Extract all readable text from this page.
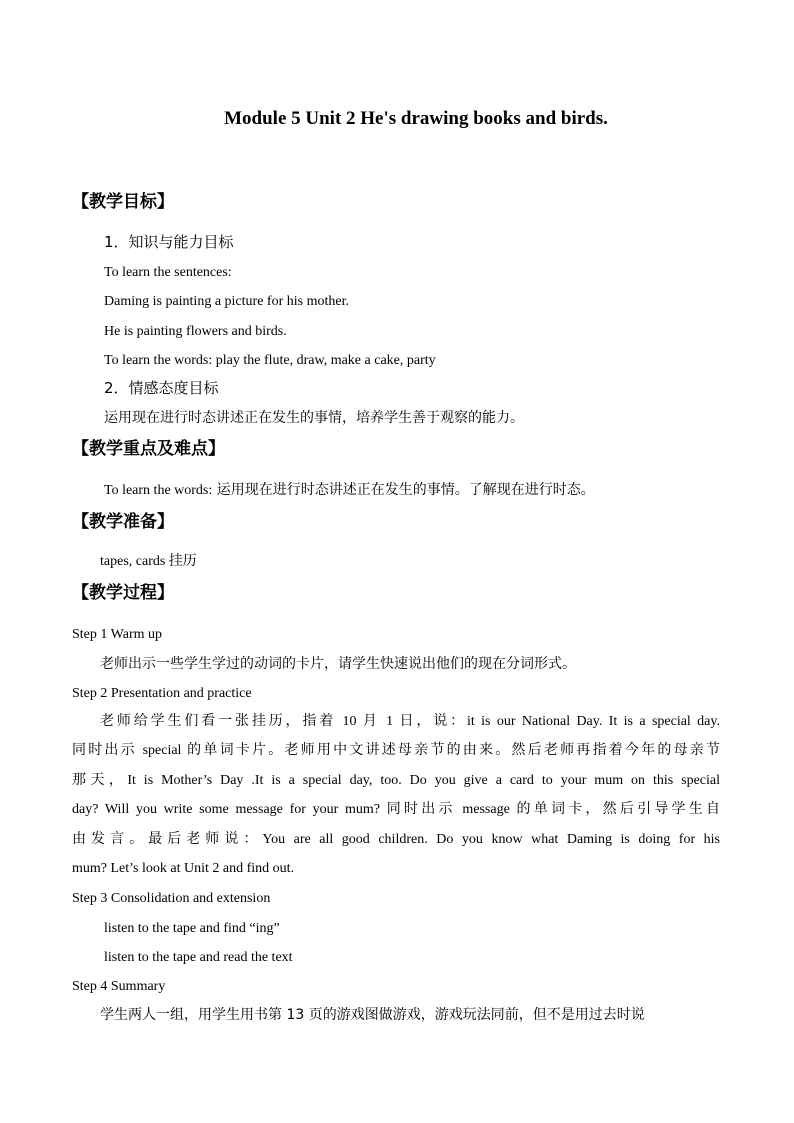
Module 5 Unit 2 He's drawing books and birds.
【教学目标】
1．知识与能力目标
To learn the sentences:
Daming is painting a picture for his mother.
He is painting flowers and birds.
To learn the words: play the flute, draw, make a cake, party
2．情感态度目标
运用现在进行时态讲述正在发生的事情，培养学生善于观察的能力。
【教学重点及难点】
To learn the words: 运用现在进行时态讲述正在发生的事情。了解现在进行时态。
【教学准备】
tapes, cards 挂历
【教学过程】
Step 1 Warm up
老师出示一些学生学过的动词的卡片，请学生快速说出他们的现在分词形式。
Step 2 Presentation and practice
老师给学生们看一张挂历，指着 10 月 1 日，说：it is our National Day. It is a special day.
同时出示 special 的单词卡片。老师用中文讲述母亲节的由来。然后老师再指着今年的母亲节
那天，It is Mother’s Day .It is a special day, too. Do you give a card to your mum on this special
day? Will you write some message for your mum? 同时出示 message 的单词卡，然后引导学生自
由发言。最后老师说：You are all good children. Do you know what Daming is doing for his
mum? Let’s look at Unit 2 and find out.
Step 3 Consolidation and extension
listen to the tape and find “ing”
listen to the tape and read the text
Step 4 Summary
学生两人一组，用学生用书第 13 页的游戏图做游戏，游戏玩法同前，但不是用过去时说
